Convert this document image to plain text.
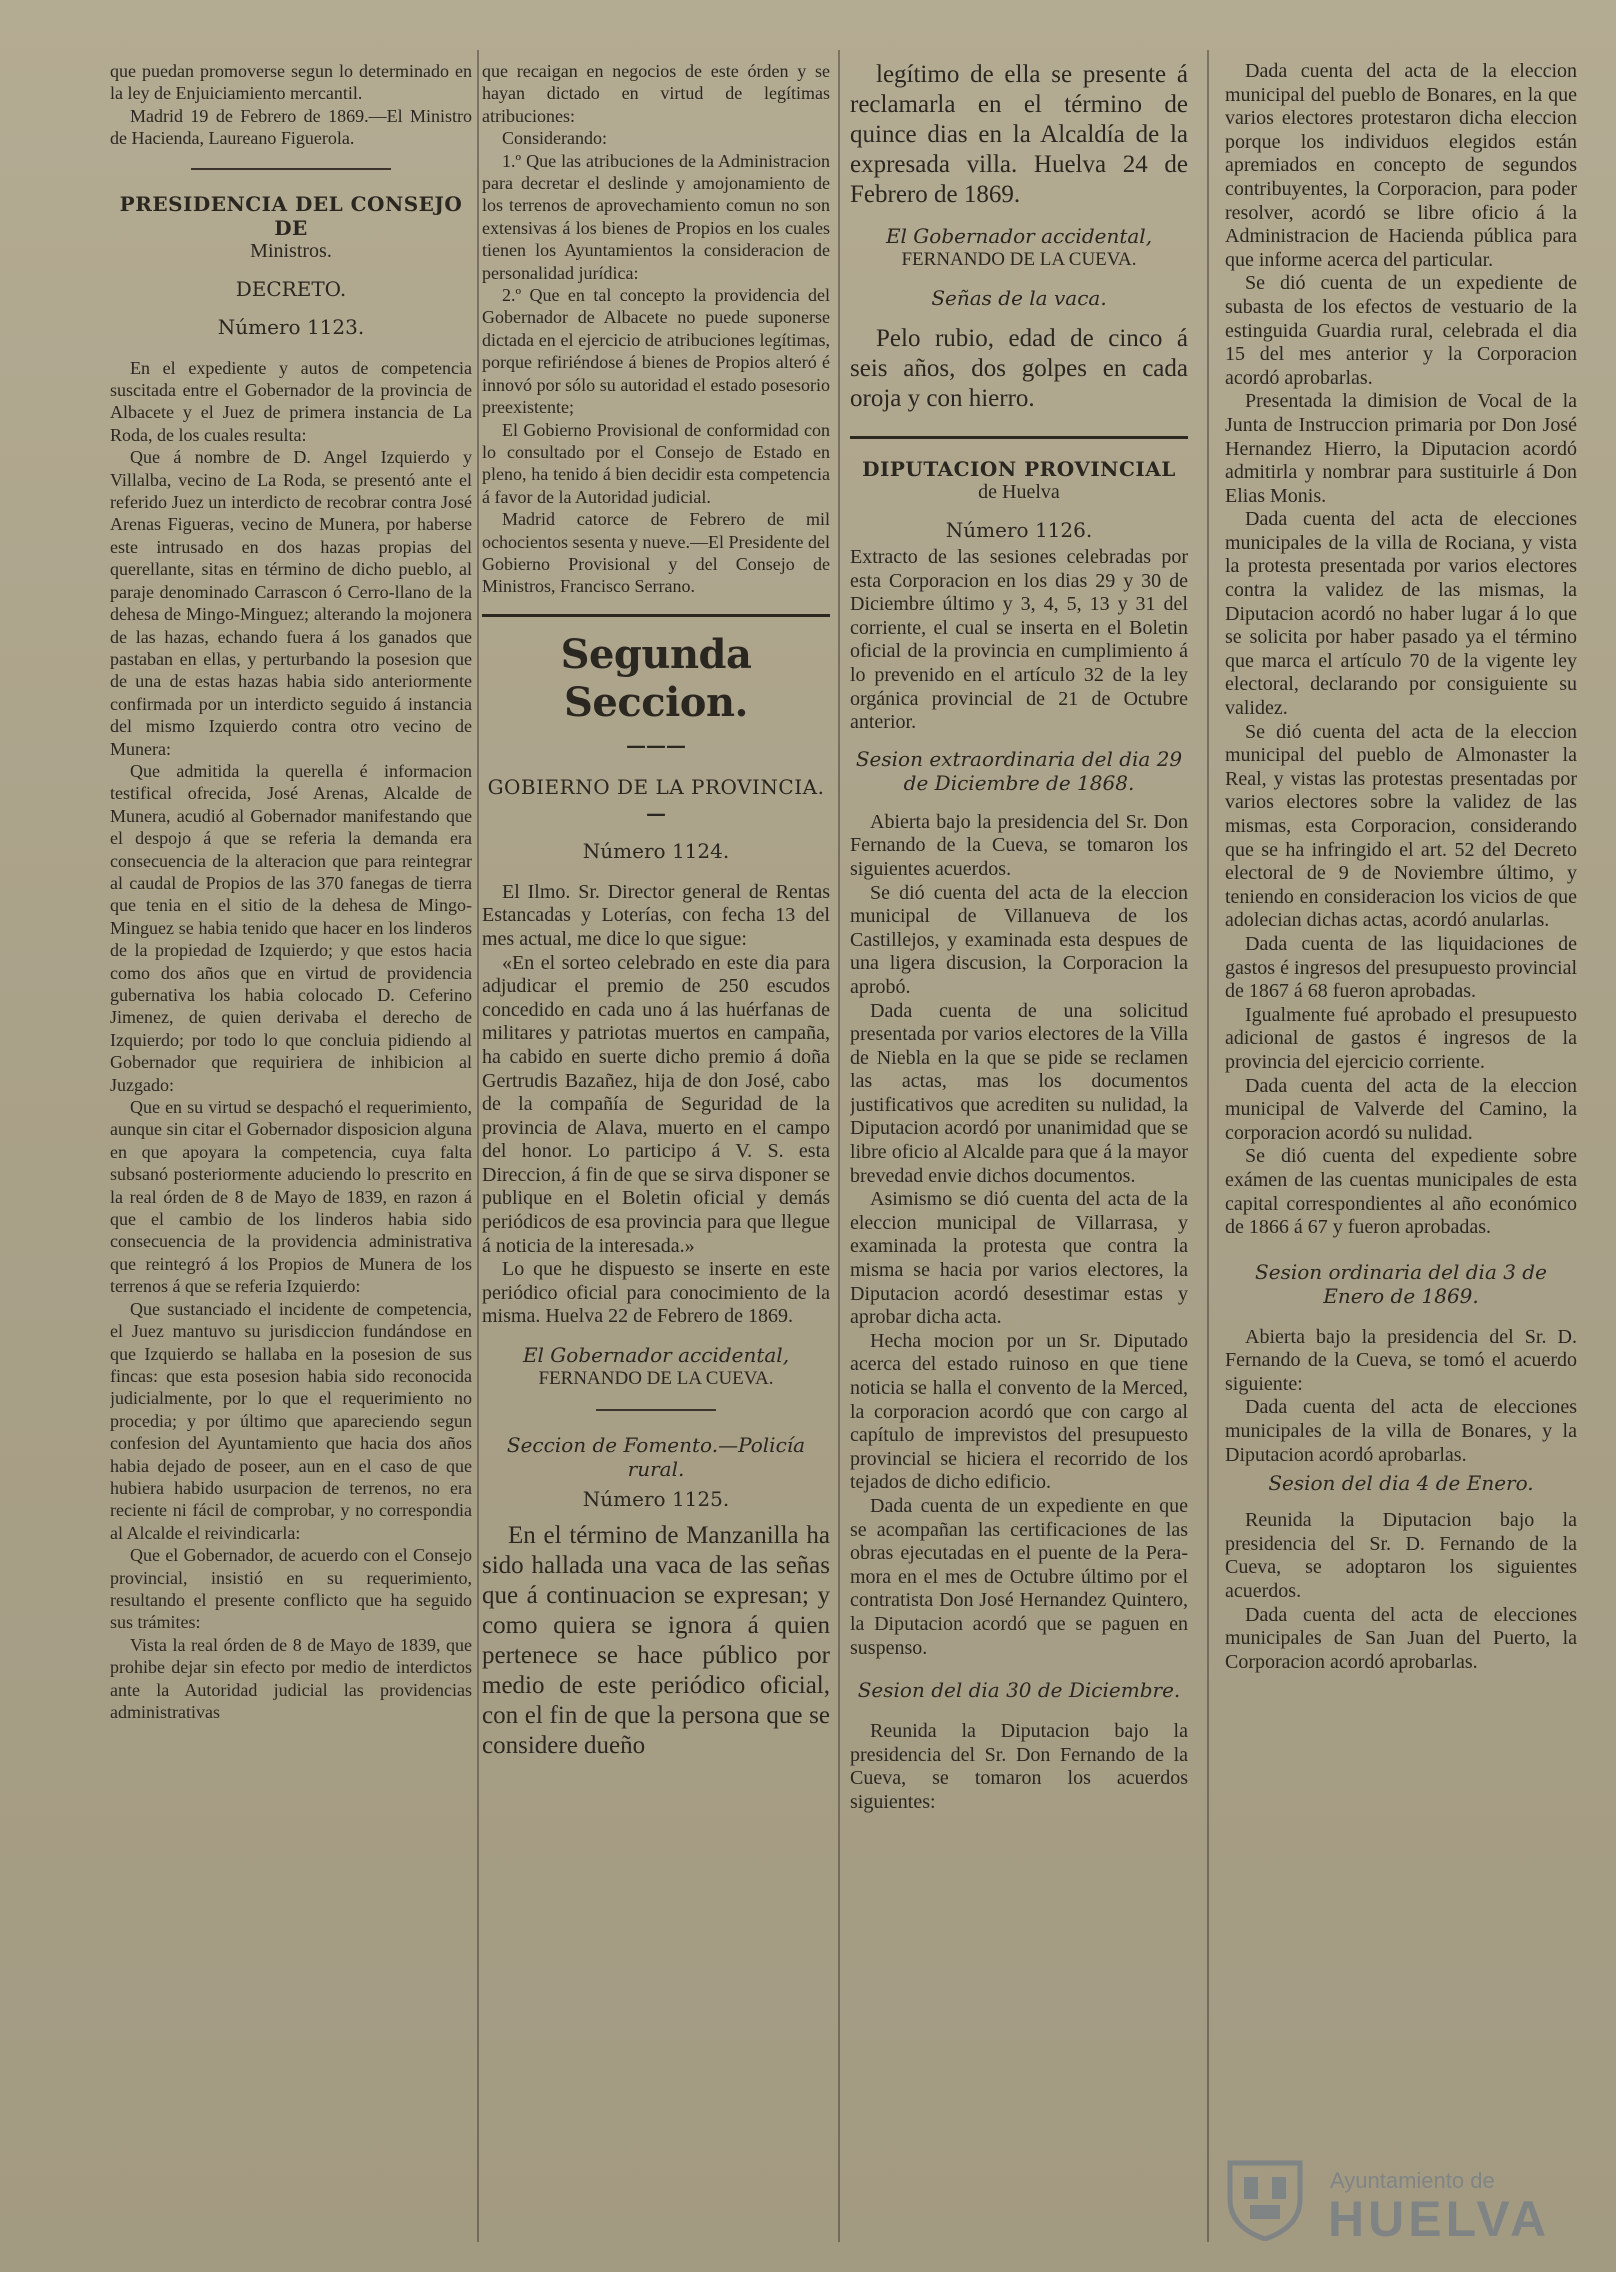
que puedan promoverse segun lo determinado en la ley de Enjuiciamiento mercantil.

Madrid 19 de Febrero de 1869.—El Ministro de Hacienda, Laureano Figuerola.

PRESIDENCIA DEL CONSEJO DE
Ministros.
DECRETO.
Número 1123.

En el expediente y autos de competencia suscitada entre el Gobernador de la provincia de Albacete y el Juez de primera instancia de La Roda, de los cuales resulta:

Que á nombre de D. Angel Izquierdo y Villalba, vecino de La Roda, se presentó ante el referido Juez un interdicto de recobrar contra José Arenas Figueras, vecino de Munera, por haberse este intrusado en dos hazas propias del querellante, sitas en término de dicho pueblo, al paraje denominado Carrascon ó Cerro-llano de la dehesa de Mingo-Minguez; alterando la mojonera de las hazas, echando fuera á los ganados que pastaban en ellas, y perturbando la posesion que de una de estas hazas habia sido anteriormente confirmada por un interdicto seguido á instancia del mismo Izquierdo contra otro vecino de Munera:

Que admitida la querella é informacion testifical ofrecida, José Arenas, Alcalde de Munera, acudió al Gobernador manifestando que el despojo á que se referia la demanda era consecuencia de la alteracion que para reintegrar al caudal de Propios de las 370 fanegas de tierra que tenia en el sitio de la dehesa de Mingo-Minguez se habia tenido que hacer en los linderos de la propiedad de Izquierdo; y que estos hacia como dos años que en virtud de providencia gubernativa los habia colocado D. Ceferino Jimenez, de quien derivaba el derecho de Izquierdo; por todo lo que concluia pidiendo al Gobernador que requiriera de inhibicion al Juzgado:

Que en su virtud se despachó el requerimiento, aunque sin citar el Gobernador disposicion alguna en que apoyara la competencia, cuya falta subsanó posteriormente aduciendo lo prescrito en la real órden de 8 de Mayo de 1839, en razon á que el cambio de los linderos habia sido consecuencia de la providencia administrativa que reintegró á los Propios de Munera de los terrenos á que se referia Izquierdo:

Que sustanciado el incidente de competencia, el Juez mantuvo su jurisdiccion fundándose en que Izquierdo se hallaba en la posesion de sus fincas: que esta posesion habia sido reconocida judicialmente, por lo que el requerimiento no procedia; y por último que apareciendo segun confesion del Ayuntamiento que hacia dos años habia dejado de poseer, aun en el caso de que hubiera habido usurpacion de terrenos, no era reciente ni fácil de comprobar, y no correspondia al Alcalde el reivindicarla:

Que el Gobernador, de acuerdo con el Consejo provincial, insistió en su requerimiento, resultando el presente conflicto que ha seguido sus trámites:

Vista la real órden de 8 de Mayo de 1839, que prohibe dejar sin efecto por medio de interdictos ante la Autoridad judicial las providencias administrativas

que recaigan en negocios de este órden y se hayan dictado en virtud de legítimas atribuciones:

Considerando:

1.º Que las atribuciones de la Administracion para decretar el deslinde y amojonamiento de los terrenos de aprovechamiento comun no son extensivas á los bienes de Propios en los cuales tienen los Ayuntamientos la consideracion de personalidad jurídica:

2.º Que en tal concepto la providencia del Gobernador de Albacete no puede suponerse dictada en el ejercicio de atribuciones legítimas, porque refiriéndose á bienes de Propios alteró é innovó por sólo su autoridad el estado posesorio preexistente;

El Gobierno Provisional de conformidad con lo consultado por el Consejo de Estado en pleno, ha tenido á bien decidir esta competencia á favor de la Autoridad judicial.

Madrid catorce de Febrero de mil ochocientos sesenta y nueve.—El Presidente del Gobierno Provisional y del Consejo de Ministros, Francisco Serrano.

Segunda Seccion.
———
GOBIERNO DE LA PROVINCIA.
—
Número 1124.

El Ilmo. Sr. Director general de Rentas Estancadas y Loterías, con fecha 13 del mes actual, me dice lo que sigue:

«En el sorteo celebrado en este dia para adjudicar el premio de 250 escudos concedido en cada uno á las huérfanas de militares y patriotas muertos en campaña, ha cabido en suerte dicho premio á doña Gertrudis Bazañez, hija de don José, cabo de la compañía de Seguridad de la provincia de Alava, muerto en el campo del honor. Lo participo á V. S. esta Direccion, á fin de que se sirva disponer se publique en el Boletin oficial y demás periódicos de esa provincia para que llegue á noticia de la interesada.»

Lo que he dispuesto se inserte en este periódico oficial para conocimiento de la misma. Huelva 22 de Febrero de 1869.

El Gobernador accidental,
FERNANDO DE LA CUEVA.
Seccion de Fomento.—Policía rural.
Número 1125.

En el término de Manzanilla ha sido hallada una vaca de las señas que á continuacion se expresan; y como quiera se ignora á quien pertenece se hace público por medio de este periódico oficial, con el fin de que la persona que se considere dueño

legítimo de ella se presente á reclamarla en el término de quince dias en la Alcaldía de la expresada villa. Huelva 24 de Febrero de 1869.

El Gobernador accidental,
FERNANDO DE LA CUEVA.
Señas de la vaca.

Pelo rubio, edad de cinco á seis años, dos golpes en cada oroja y con hierro.

DIPUTACION PROVINCIAL
de Huelva
Número 1126.

Extracto de las sesiones celebradas por esta Corporacion en los dias 29 y 30 de Diciembre último y 3, 4, 5, 13 y 31 del corriente, el cual se inserta en el Boletin oficial de la provincia en cumplimiento á lo prevenido en el artículo 32 de la ley orgánica provincial de 21 de Octubre anterior.

Sesion extraordinaria del dia 29 de Diciembre de 1868.

Abierta bajo la presidencia del Sr. Don Fernando de la Cueva, se tomaron los siguientes acuerdos.

Se dió cuenta del acta de la eleccion municipal de Villanueva de los Castillejos, y examinada esta despues de una ligera discusion, la Corporacion la aprobó.

Dada cuenta de una solicitud presentada por varios electores de la Villa de Niebla en la que se pide se reclamen las actas, mas los documentos justificativos que acrediten su nulidad, la Diputacion acordó por unanimidad que se libre oficio al Alcalde para que á la mayor brevedad envie dichos documentos.

Asimismo se dió cuenta del acta de la eleccion municipal de Villarrasa, y examinada la protesta que contra la misma se hacia por varios electores, la Diputacion acordó desestimar estas y aprobar dicha acta.

Hecha mocion por un Sr. Diputado acerca del estado ruinoso en que tiene noticia se halla el convento de la Merced, la corporacion acordó que con cargo al capítulo de imprevistos del presupuesto provincial se hiciera el recorrido de los tejados de dicho edificio.

Dada cuenta de un expediente en que se acompañan las certificaciones de las obras ejecutadas en el puente de la Pera-mora en el mes de Octubre último por el contratista Don José Hernandez Quintero, la Diputacion acordó que se paguen en suspenso.

Sesion del dia 30 de Diciembre.

Reunida la Diputacion bajo la presidencia del Sr. Don Fernando de la Cueva, se tomaron los acuerdos siguientes:

Dada cuenta del acta de la eleccion municipal del pueblo de Bonares, en la que varios electores protestaron dicha eleccion porque los individuos elegidos están apremiados en concepto de segundos contribuyentes, la Corporacion, para poder resolver, acordó se libre oficio á la Administracion de Hacienda pública para que informe acerca del particular.

Se dió cuenta de un expediente de subasta de los efectos de vestuario de la estinguida Guardia rural, celebrada el dia 15 del mes anterior y la Corporacion acordó aprobarlas.

Presentada la dimision de Vocal de la Junta de Instruccion primaria por Don José Hernandez Hierro, la Diputacion acordó admitirla y nombrar para sustituirle á Don Elias Monis.

Dada cuenta del acta de elecciones municipales de la villa de Rociana, y vista la protesta presentada por varios electores contra la validez de las mismas, la Diputacion acordó no haber lugar á lo que se solicita por haber pasado ya el término que marca el artículo 70 de la vigente ley electoral, declarando por consiguiente su validez.

Se dió cuenta del acta de la eleccion municipal del pueblo de Almonaster la Real, y vistas las protestas presentadas por varios electores sobre la validez de las mismas, esta Corporacion, considerando que se ha infringido el art. 52 del Decreto electoral de 9 de Noviembre último, y teniendo en consideracion los vicios de que adolecian dichas actas, acordó anularlas.

Dada cuenta de las liquidaciones de gastos é ingresos del presupuesto provincial de 1867 á 68 fueron aprobadas.

Igualmente fué aprobado el presupuesto adicional de gastos é ingresos de la provincia del ejercicio corriente.

Dada cuenta del acta de la eleccion municipal de Valverde del Camino, la corporacion acordó su nulidad.

Se dió cuenta del expediente sobre exámen de las cuentas municipales de esta capital correspondientes al año económico de 1866 á 67 y fueron aprobadas.

Sesion ordinaria del dia 3 de Enero de 1869.

Abierta bajo la presidencia del Sr. D. Fernando de la Cueva, se tomó el acuerdo siguiente:

Dada cuenta del acta de elecciones municipales de la villa de Bonares, y la Diputacion acordó aprobarlas.

Sesion del dia 4 de Enero.

Reunida la Diputacion bajo la presidencia del Sr. D. Fernando de la Cueva, se adoptaron los siguientes acuerdos.

Dada cuenta del acta de elecciones municipales de San Juan del Puerto, la Corporacion acordó aprobarlas.

Ayuntamiento de
HUELVA
